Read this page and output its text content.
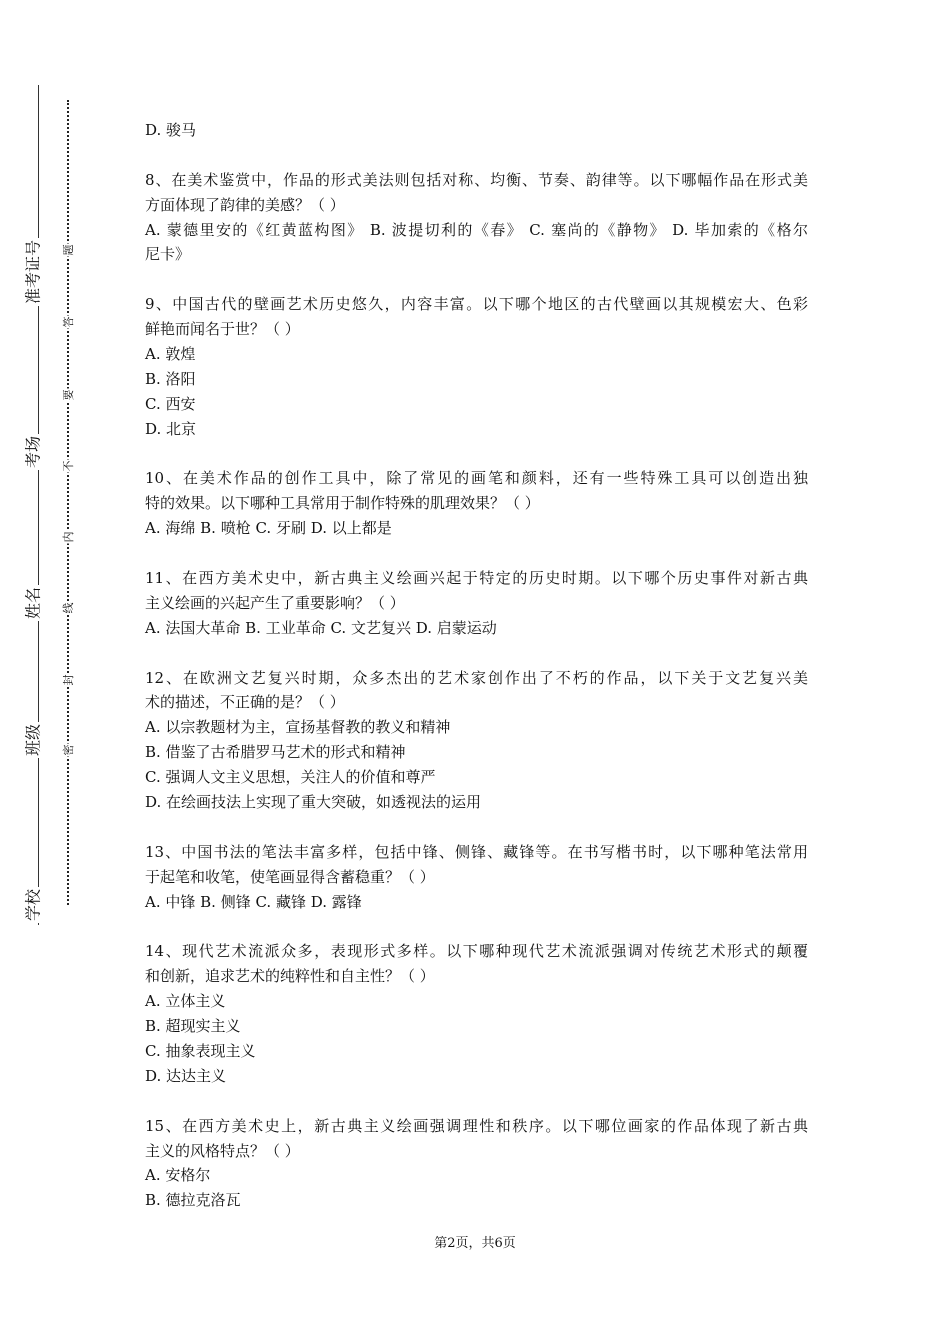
准考证号
考场
姓名
班级
学校
题
答
要
不
内
线
封
密
D. 骏马
8、在美术鉴赏中，作品的形式美法则包括对称、均衡、节奏、韵律等。以下哪幅作品在形式美
方面体现了韵律的美感？（ ）
A. 蒙德里安的《红黄蓝构图》 B. 波提切利的《春》 C. 塞尚的《静物》 D. 毕加索的《格尔
尼卡》
9、中国古代的壁画艺术历史悠久，内容丰富。以下哪个地区的古代壁画以其规模宏大、色彩
鲜艳而闻名于世？（ ）
A. 敦煌
B. 洛阳
C. 西安
D. 北京
10、在美术作品的创作工具中，除了常见的画笔和颜料，还有一些特殊工具可以创造出独
特的效果。以下哪种工具常用于制作特殊的肌理效果？（ ）
A. 海绵 B. 喷枪 C. 牙刷 D. 以上都是
11、在西方美术史中，新古典主义绘画兴起于特定的历史时期。以下哪个历史事件对新古典
主义绘画的兴起产生了重要影响？（ ）
A. 法国大革命 B. 工业革命 C. 文艺复兴 D. 启蒙运动
12、在欧洲文艺复兴时期，众多杰出的艺术家创作出了不朽的作品，以下关于文艺复兴美
术的描述，不正确的是？（ ）
A. 以宗教题材为主，宣扬基督教的教义和精神
B. 借鉴了古希腊罗马艺术的形式和精神
C. 强调人文主义思想，关注人的价值和尊严
D. 在绘画技法上实现了重大突破，如透视法的运用
13、中国书法的笔法丰富多样，包括中锋、侧锋、藏锋等。在书写楷书时，以下哪种笔法常用
于起笔和收笔，使笔画显得含蓄稳重？（ ）
A. 中锋 B. 侧锋 C. 藏锋 D. 露锋
14、现代艺术流派众多，表现形式多样。以下哪种现代艺术流派强调对传统艺术形式的颠覆
和创新，追求艺术的纯粹性和自主性？（ ）
A. 立体主义
B. 超现实主义
C. 抽象表现主义
D. 达达主义
15、在西方美术史上，新古典主义绘画强调理性和秩序。以下哪位画家的作品体现了新古典
主义的风格特点？（ ）
A. 安格尔
B. 德拉克洛瓦
第2页，共6页
